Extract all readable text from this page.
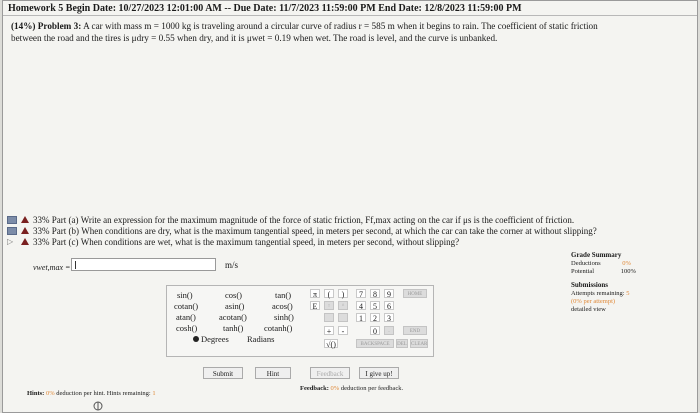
Homework 5 Begin Date: 10/27/2023 12:01:00 AM -- Due Date: 11/7/2023 11:59:00 PM End Date: 12/8/2023 11:59:00 PM
(14%) Problem 3: A car with mass m = 1000 kg is traveling around a circular curve of radius r = 585 m when it begins to rain. The coefficient of static friction
between the road and the tires is μdry = 0.55 when dry, and it is μwet = 0.19 when wet. The road is level, and the curve is unbanked.
33%
Part (a)
Write an expression for the maximum magnitude of the force of static friction, Ff,max acting on the car if μs is the coefficient of friction.
33%
Part (b)
When conditions are dry, what is the maximum tangential speed, in meters per second, at which the car can take the corner at without slipping?
▷	33%
Part (c)
When conditions are wet, what is the maximum tangential speed, in meters per second, without slipping?
vwet,max =	m/s
sin()	cos()	tan()
cotan()	asin()	acos()
atan()	acotan()	sinh()
cosh()	tanh() cotanh()
Degrees Radians
π	(	)
E	↑	^
+	-
√()
7	8	9
4	5	6
1	2	3
0	.
BACKSPACE
HOME
END
DEL CLEAR
Submit	Hint	Feedback	I give up!
Grade Summary
Deductions	0%
Potential	100%

Submissions
Attempts remaining: 5
(0% per attempt)
detailed view
Hints: 0% deduction per hint. Hints remaining: 1
Feedback: 0% deduction per feedback.
